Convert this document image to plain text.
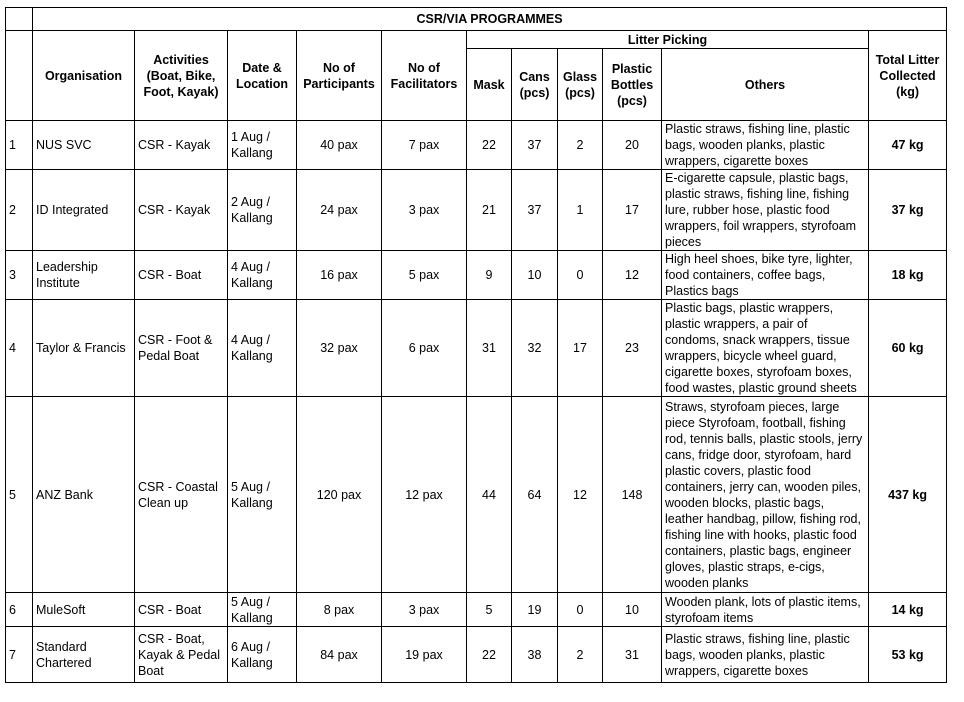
	CSR/VIA PROGRAMMES										
	Organisation	Activities (Boat, Bike, Foot, Kayak)	Date & Location	No of Participants	No of Facilitators	Litter Picking					Total Litter Collected (kg)
						Mask	Cans (pcs)	Glass (pcs)	Plastic Bottles (pcs)	Others	
1	NUS SVC	CSR - Kayak	1 Aug / Kallang	40 pax	7 pax	22	37	2	20	Plastic straws, fishing line, plastic bags, wooden planks, plastic wrappers, cigarette boxes	47 kg
2	ID Integrated	CSR - Kayak	2 Aug / Kallang	24 pax	3 pax	21	37	1	17	E-cigarette capsule, plastic bags, plastic straws, fishing line, fishing lure, rubber hose, plastic food wrappers, foil wrappers, styrofoam pieces	37 kg
3	Leadership Institute	CSR - Boat	4 Aug / Kallang	16 pax	5 pax	9	10	0	12	High heel shoes, bike tyre, lighter, food containers, coffee bags, Plastics bags	18 kg
4	Taylor & Francis	CSR - Foot & Pedal Boat	4 Aug / Kallang	32 pax	6 pax	31	32	17	23	Plastic bags, plastic wrappers, plastic wrappers, a pair of condoms, snack wrappers, tissue wrappers, bicycle wheel guard, cigarette boxes, styrofoam boxes, food wastes, plastic ground sheets	60 kg
5	ANZ Bank	CSR - Coastal Clean up	5 Aug / Kallang	120 pax	12 pax	44	64	12	148	Straws, styrofoam pieces, large piece Styrofoam, football, fishing rod, tennis balls, plastic stools, jerry cans, fridge door, styrofoam, hard plastic covers, plastic food containers, jerry can, wooden piles, wooden blocks, plastic bags, leather handbag, pillow, fishing rod, fishing line with hooks, plastic food containers, plastic bags, engineer gloves, plastic straps, e-cigs, wooden planks	437 kg
6	MuleSoft	CSR - Boat	5 Aug / Kallang	8 pax	3 pax	5	19	0	10	Wooden plank, lots of plastic items, styrofoam items	14 kg
7	Standard Chartered	CSR - Boat, Kayak & Pedal Boat	6 Aug / Kallang	84 pax	19 pax	22	38	2	31	Plastic straws, fishing line, plastic bags, wooden planks, plastic wrappers, cigarette boxes	53 kg
